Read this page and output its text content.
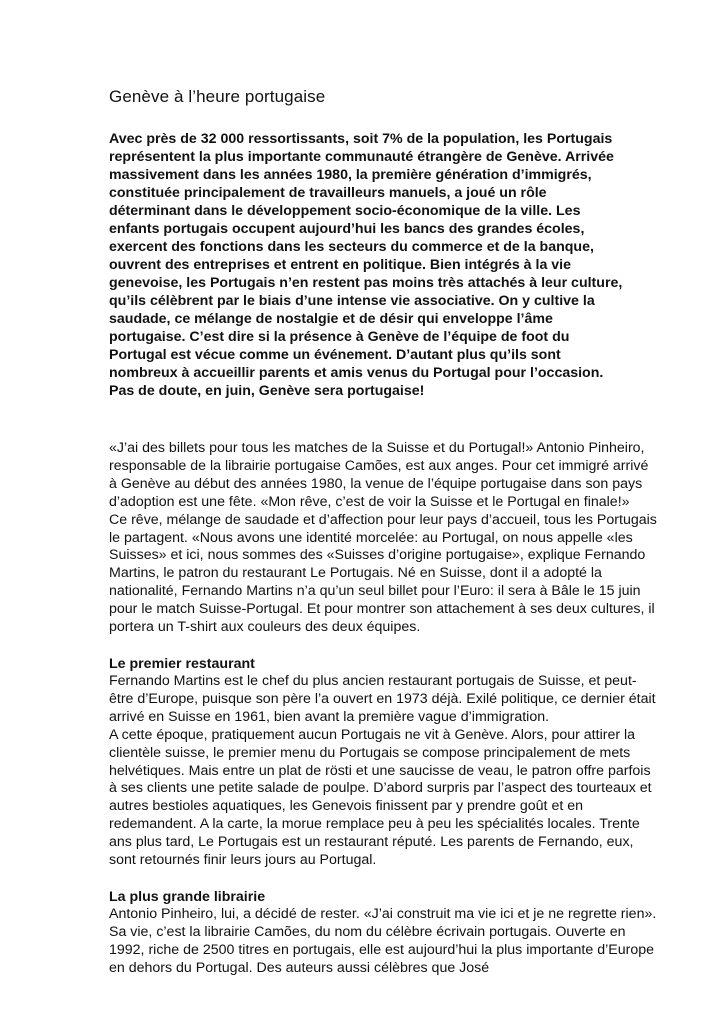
Genève à l’heure portugaise

Avec près de 32 000 ressortissants, soit 7% de la population, les Portugais représentent la plus importante communauté étrangère de Genève. Arrivée massivement dans les années 1980, la première génération d’immigrés, constituée principalement de travailleurs manuels, a joué un rôle déterminant dans le développement socio-économique de la ville. Les enfants portugais occupent aujourd’hui les bancs des grandes écoles, exercent des fonctions dans les secteurs du commerce et de la banque, ouvrent des entreprises et entrent en politique. Bien intégrés à la vie genevoise, les Portugais n’en restent pas moins très attachés à leur culture, qu’ils célèbrent par le biais d’une intense vie associative. On y cultive la saudade, ce mélange de nostalgie et de désir qui enveloppe l’âme portugaise. C’est dire si la présence à Genève de l’équipe de foot du Portugal est vécue comme un événement. D’autant plus qu’ils sont nombreux à accueillir parents et amis venus du Portugal pour l’occasion. Pas de doute, en juin, Genève sera portugaise!

«J’ai des billets pour tous les matches de la Suisse et du Portugal!» Antonio Pinheiro, responsable de la librairie portugaise Camões, est aux anges. Pour cet immigré arrivé à Genève au début des années 1980, la venue de l’équipe portugaise dans son pays d’adoption est une fête. «Mon rêve, c’est de voir la Suisse et le Portugal en finale!»

Ce rêve, mélange de saudade et d’affection pour leur pays d’accueil, tous les Portugais le partagent. «Nous avons une identité morcelée: au Portugal, on nous appelle «les Suisses» et ici, nous sommes des «Suisses d’origine portugaise», explique Fernando Martins, le patron du restaurant Le Portugais. Né en Suisse, dont il a adopté la nationalité, Fernando Martins n’a qu’un seul billet pour l’Euro: il sera à Bâle le 15 juin pour le match Suisse-Portugal. Et pour montrer son attachement à ses deux cultures, il portera un T-shirt aux couleurs des deux équipes.

Le premier restaurant

Fernando Martins est le chef du plus ancien restaurant portugais de Suisse, et peut-être d’Europe, puisque son père l’a ouvert en 1973 déjà. Exilé politique, ce dernier était arrivé en Suisse en 1961, bien avant la première vague d’immigration.

A cette époque, pratiquement aucun Portugais ne vit à Genève. Alors, pour attirer la clientèle suisse, le premier menu du Portugais se compose principalement de mets helvétiques. Mais entre un plat de rösti et une saucisse de veau, le patron offre parfois à ses clients une petite salade de poulpe. D’abord surpris par l’aspect des tourteaux et autres bestioles aquatiques, les Genevois finissent par y prendre goût et en redemandent. A la carte, la morue remplace peu à peu les spécialités locales. Trente ans plus tard, Le Portugais est un restaurant réputé. Les parents de Fernando, eux, sont retournés finir leurs jours au Portugal.

La plus grande librairie

Antonio Pinheiro, lui, a décidé de rester. «J’ai construit ma vie ici et je ne regrette rien». Sa vie, c’est la librairie Camões, du nom du célèbre écrivain portugais. Ouverte en 1992, riche de 2500 titres en portugais, elle est aujourd’hui la plus importante d’Europe en dehors du Portugal. Des auteurs aussi célèbres que José
